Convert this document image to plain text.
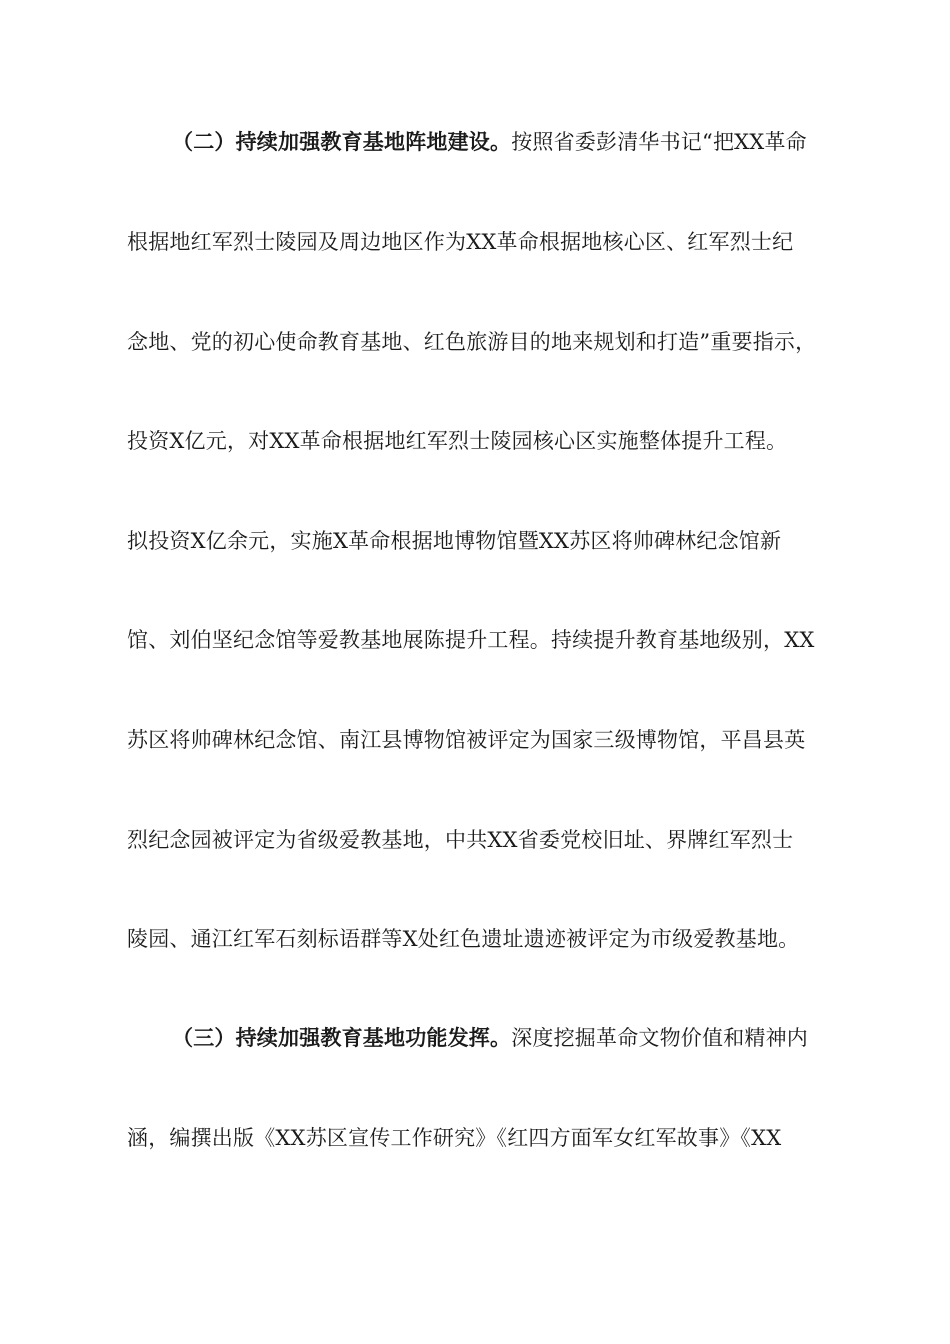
（二）持续加强教育基地阵地建设。按照省委彭清华书记“把XX革命
根据地红军烈士陵园及周边地区作为XX革命根据地核心区、红军烈士纪
念地、党的初心使命教育基地、红色旅游目的地来规划和打造”重要指示，
投资X亿元，对XX革命根据地红军烈士陵园核心区实施整体提升工程。
拟投资X亿余元，实施X革命根据地博物馆暨XX苏区将帅碑林纪念馆新
馆、刘伯坚纪念馆等爱教基地展陈提升工程。持续提升教育基地级别，XX
苏区将帅碑林纪念馆、南江县博物馆被评定为国家三级博物馆，平昌县英
烈纪念园被评定为省级爱教基地，中共XX省委党校旧址、界牌红军烈士
陵园、通江红军石刻标语群等X处红色遗址遗迹被评定为市级爱教基地。
（三）持续加强教育基地功能发挥。深度挖掘革命文物价值和精神内
涵，编撰出版《XX苏区宣传工作研究》《红四方面军女红军故事》《XX
